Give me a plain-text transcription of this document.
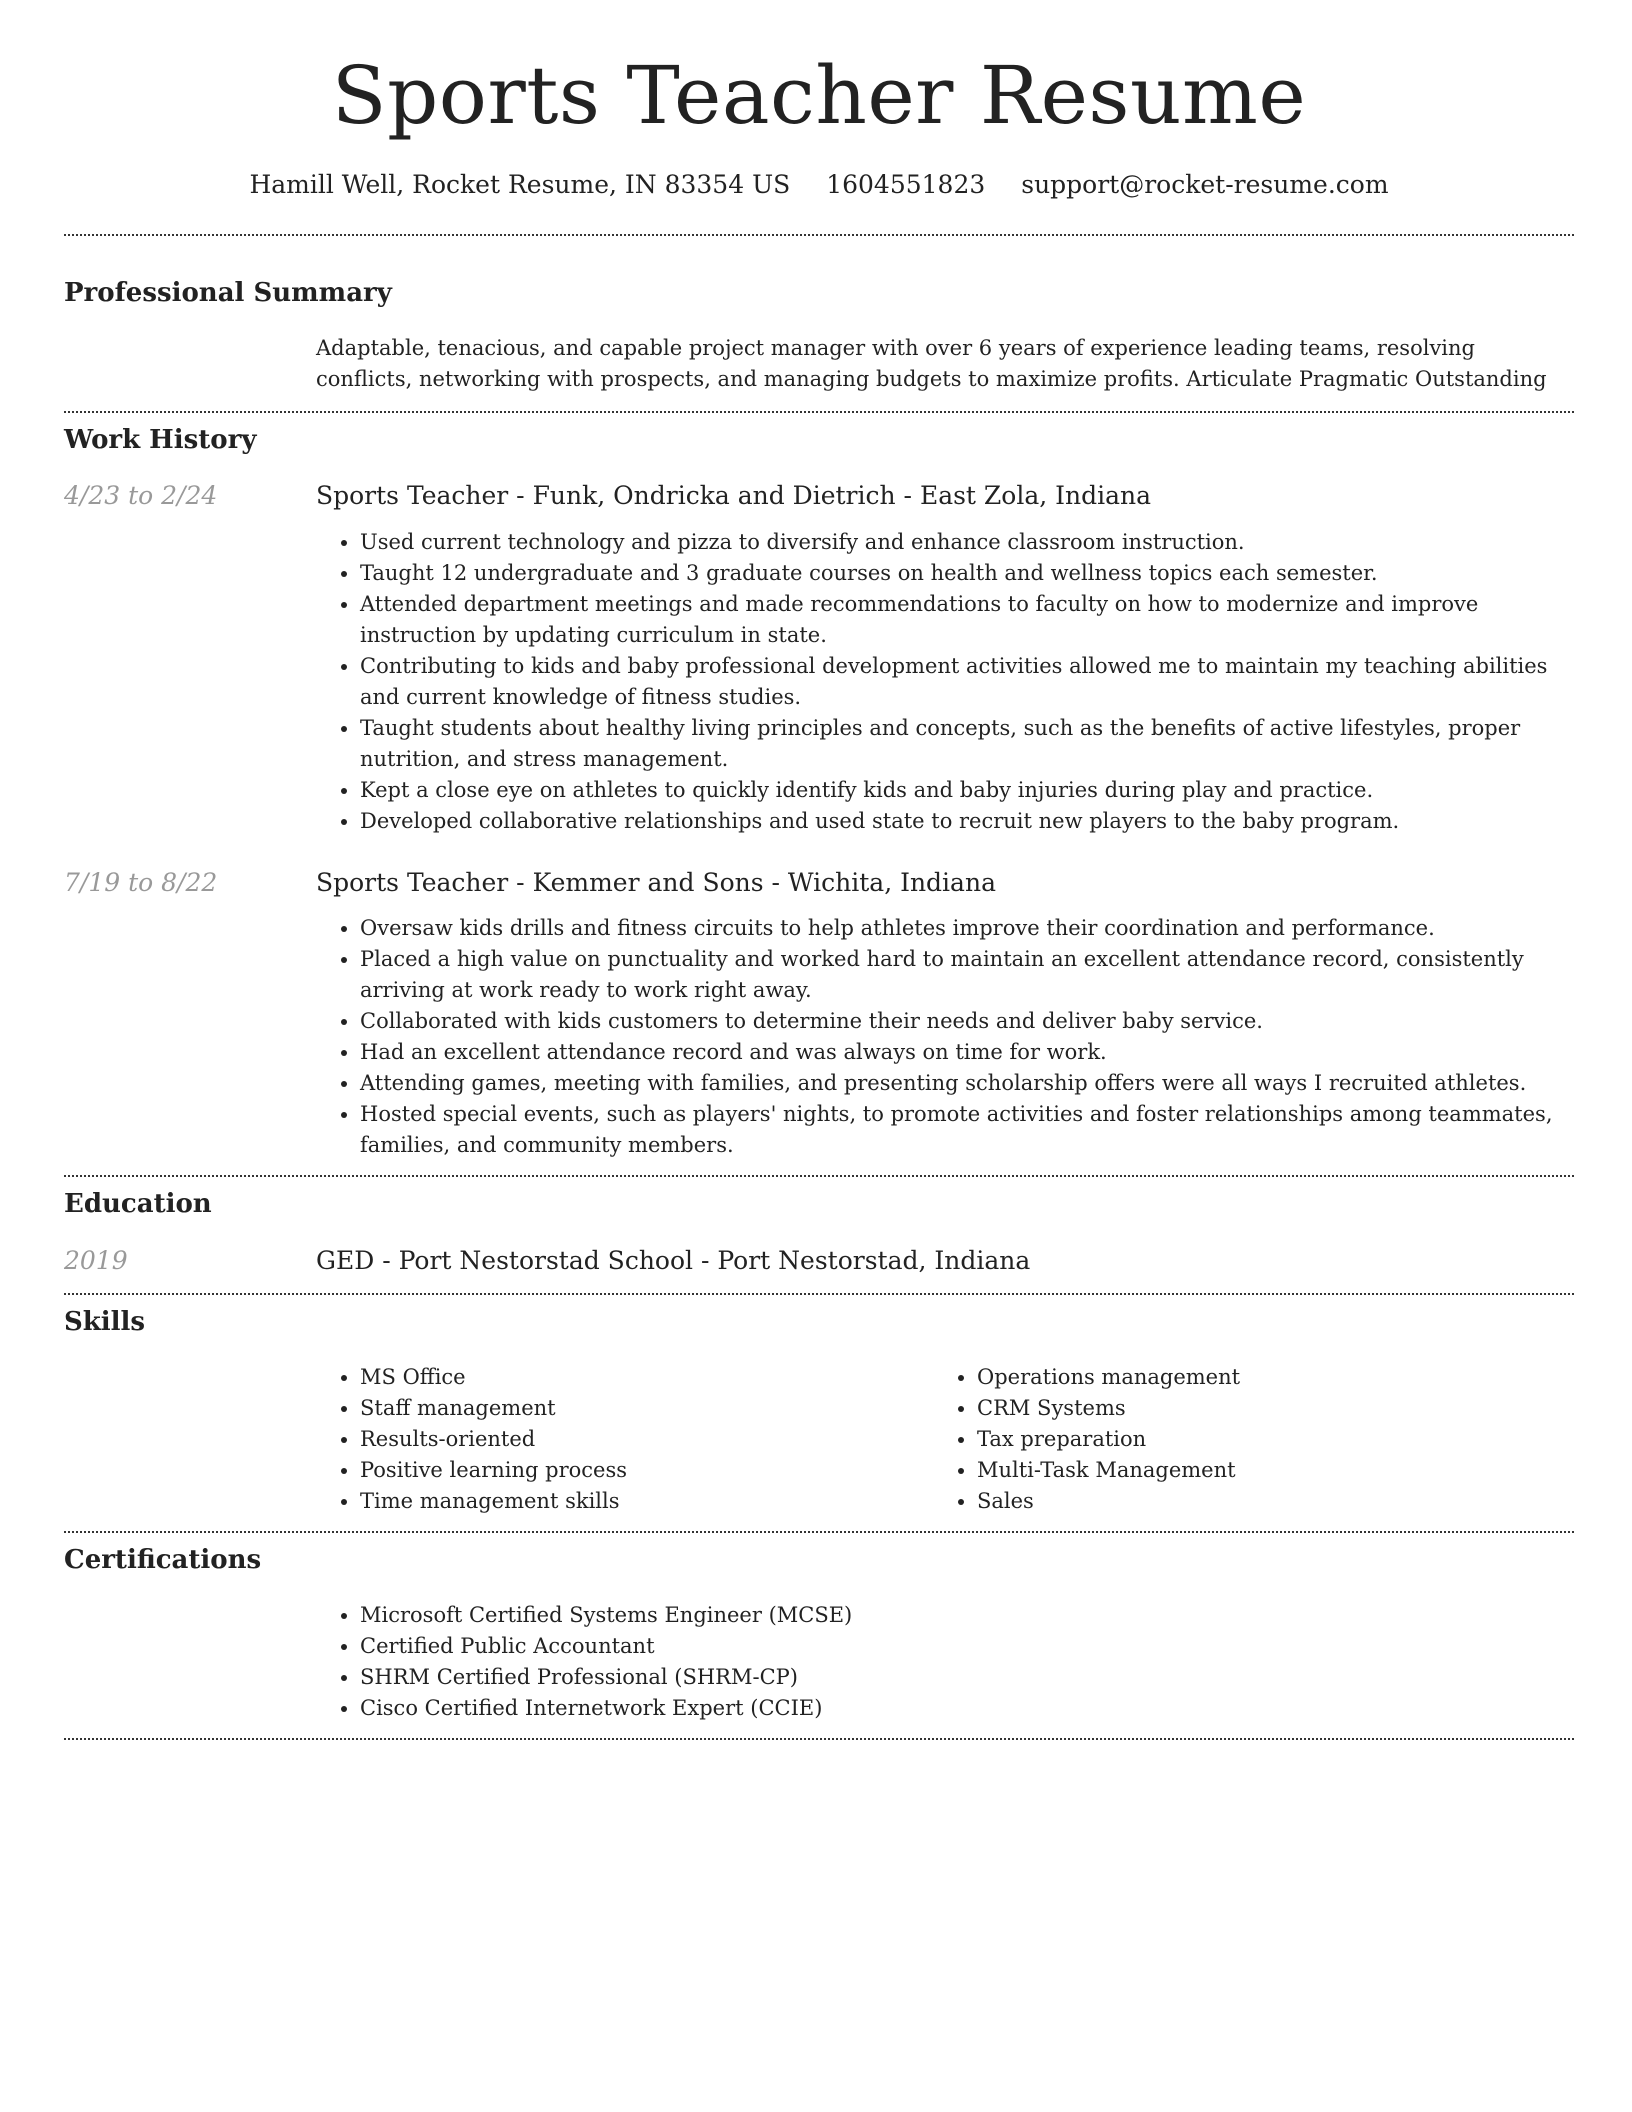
Sports Teacher Resume
Hamill Well, Rocket Resume, IN 83354 US 1604551823 support@rocket-resume.com
Professional Summary

Adaptable, tenacious, and capable project manager with over 6 years of experience leading teams, resolving conflicts, networking with prospects, and managing budgets to maximize profits. Articulate Pragmatic Outstanding

Work History
4/23 to 2/24	Sports Teacher - Funk, Ondricka and Dietrich - East Zola, Indiana
• Used current technology and pizza to diversify and enhance classroom instruction.
• Taught 12 undergraduate and 3 graduate courses on health and wellness topics each semester.
• Attended department meetings and made recommendations to faculty on how to modernize and improve instruction by updating curriculum in state.
• Contributing to kids and baby professional development activities allowed me to maintain my teaching abilities and current knowledge of fitness studies.
• Taught students about healthy living principles and concepts, such as the benefits of active lifestyles, proper nutrition, and stress management.
• Kept a close eye on athletes to quickly identify kids and baby injuries during play and practice.
• Developed collaborative relationships and used state to recruit new players to the baby program.
7/19 to 8/22	Sports Teacher - Kemmer and Sons - Wichita, Indiana
• Oversaw kids drills and fitness circuits to help athletes improve their coordination and performance.
• Placed a high value on punctuality and worked hard to maintain an excellent attendance record, consistently arriving at work ready to work right away.
• Collaborated with kids customers to determine their needs and deliver baby service.
• Had an excellent attendance record and was always on time for work.
• Attending games, meeting with families, and presenting scholarship offers were all ways I recruited athletes.
• Hosted special events, such as players' nights, to promote activities and foster relationships among teammates, families, and community members.
Education
2019	GED - Port Nestorstad School - Port Nestorstad, Indiana
Skills
• MS Office
• Staff management
• Results-oriented
• Positive learning process
• Time management skills
• Operations management
• CRM Systems
• Tax preparation
• Multi-Task Management
• Sales
Certifications
• Microsoft Certified Systems Engineer (MCSE)
• Certified Public Accountant
• SHRM Certified Professional (SHRM-CP)
• Cisco Certified Internetwork Expert (CCIE)
